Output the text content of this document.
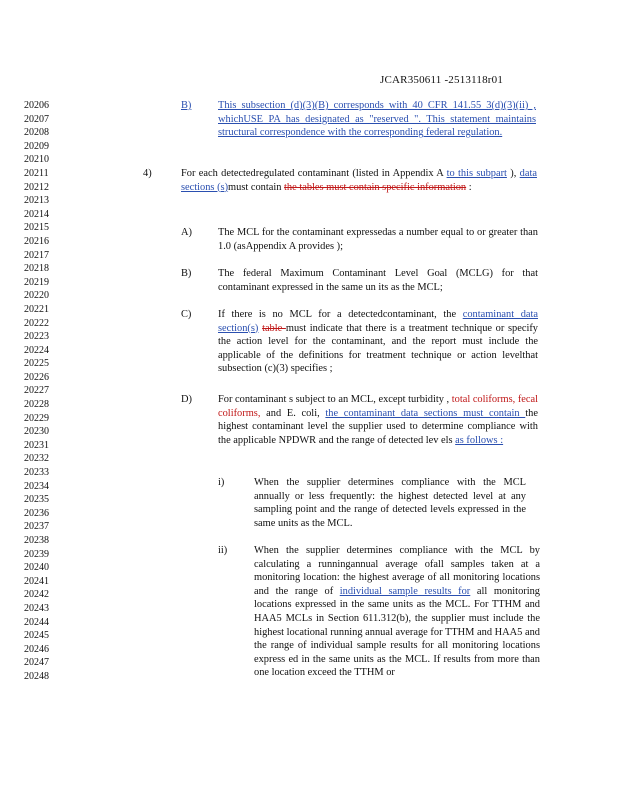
JCAR350611 -2513118r01
20206
20207
20208
20209
20210
20211
20212
20213
20214
20215
20216
20217
20218
20219
20220
20221
20222
20223
20224
20225
20226
20227
20228
20229
20230
20231
20232
20233
20234
20235
20236
20237
20238
20239
20240
20241
20242
20243
20244
20245
20246
20247
20248
B)	This subsection (d)(3)(B) corresponds with 40 CFR 141.55 3(d)(3)(ii) , whichUSE PA has designated as "reserved ". This statement maintains structural correspondence with the corresponding federal regulation.

4)	For each detectedregulated contaminant (listed in Appendix A to this subpart ), data sections (s)must contain the tables must contain specific information :

A)	The MCL for the contaminant expressedas a number equal to or greater than 1.0 (asAppendix A provides );

B)	The federal Maximum Contaminant Level Goal (MCLG) for that contaminant expressed in the same un its as the MCL;

C)	If there is no MCL for a detectedcontaminant, the contaminant data section(s) table must indicate that there is a treatment technique or specify the action level for the contaminant, and the report must include the applicable of the definitions for treatment technique or action levelthat subsection (c)(3) specifies ;

D)	For contaminant s subject to an MCL, except turbidity , total coliforms, fecal coliforms, and E. coli, the contaminant data sections must contain the highest contaminant level the supplier used to determine compliance with the applicable NPDWR and the range of detected lev els as follows :

i)	When the supplier determines compliance with the MCL annually or less frequently: the highest detected level at any sampling point and the range of detected levels expressed in the same units as the MCL.

ii)	When the supplier determines compliance with the MCL by calculating a runningannual average ofall samples taken at a monitoring location: the highest average of all monitoring locations and the range of individual sample results for all monitoring locations expressed in the same units as the MCL. For TTHM and HAA5 MCLs in Section 611.312(b), the supplier must include the highest locational running annual average for TTHM and HAA5 and the range of individual sample results for all monitoring locations express ed in the same units as the MCL. If results from more than one location exceed the TTHM or
